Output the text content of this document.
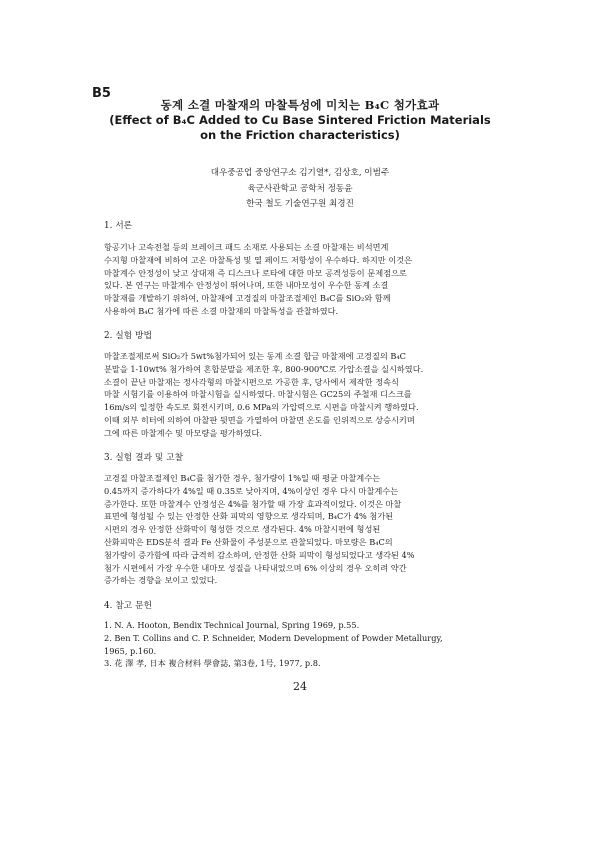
B5
동계 소결 마찰재의 마찰특성에 미치는 B₄C 첨가효과
(Effect of B₄C Added to Cu Base Sintered Friction Materials
on the Friction characteristics)
대우중공업 중앙연구소 김기열*, 김상호, 이범주
육군사관학교 공학처 정동윤
한국 철도 기술연구원 최경진
1. 서론
항공기나 고속전철 등의 브레이크 패드 소재로 사용되는 소결 마찰재는 비석면계
수지형 마찰재에 비하여 고온 마찰특성 및 열 페이드 저항성이 우수하다. 하지만 이것은
마찰계수 안정성이 낮고 상대재 즉 디스크나 로타에 대한 마모 공격성등이 문제점으로
있다. 본 연구는 마찰계수 안정성이 뛰어나며, 또한 내마모성이 우수한 동계 소결
마찰재를 개발하기 위하여, 마찰재에 고경질의 마찰조절제인 B₄C를 SiO₂와 함께
사용하여 B₄C 첨가에 따른 소결 마찰재의 마찰특성을 관찰하였다.
2. 실험 방법
마찰조절제로써 SiO₂가 5wt%첨가되어 있는 동계 소결 합금 마찰재에 고경질의 B₄C
분말을 1-10wt% 첨가하여 혼합분말을 제조한 후, 800-900℃로 가압소결을 실시하였다.
소결이 끝난 마찰재는 정사각형의 마찰시편으로 가공한 후, 당사에서 제작한 정속식
마찰 시험기를 이용하여 마찰시험을 실시하였다. 마찰시험은 GC25의 주철재 디스크를
16m/s의 일정한 속도로 회전시키며, 0.6 MPa의 가압력으로 시편을 마찰시켜 행하였다.
이때 외부 히터에 의하여 마찰판 뒷면을 가열하여 마찰면 온도를 인위적으로 상승시키며
그에 따른 마찰계수 및 마모량을 평가하였다.
3. 실험 결과 및 고찰
고경질 마찰조절제인 B₄C를 첨가한 경우, 첨가량이 1%일 때 평균 마찰계수는
0.45까지 증가하다가 4%일 때 0.35로 낮아지며, 4%이상인 경우 다시 마찰계수는
증가한다. 또한 마찰계수 안정성은 4%를 첨가할 때 가장 효과적이었다. 이것은 마찰
표면에 형성될 수 있는 안정한 산화 피막의 영향으로 생각되며, B₄C가 4% 첨가된
시편의 경우 안정한 산화막이 형성한 것으로 생각된다. 4% 마찰시편에 형성된
산화피막은 EDS분석 결과 Fe 산화물이 주성분으로 관찰되었다. 마모량은 B₄C의
첨가량이 증가함에 따라 급격히 감소하며, 안정한 산화 피막이 형성되었다고 생각된 4%
첨가 시편에서 가장 우수한 내마모 성질을 나타내었으며 6% 이상의 경우 오히려 약간
증가하는 경향을 보이고 있었다.
4. 참고 문헌
1. N. A. Hooton, Bendix Technical Journal, Spring 1969, p.55.
2. Ben T. Collins and C. P. Schneider, Modern Development of Powder Metallurgy,
1965, p.160.
3. 花 澤 孝, 日本 複合材料 學會誌, 第3卷, 1号, 1977, p.8.
24
